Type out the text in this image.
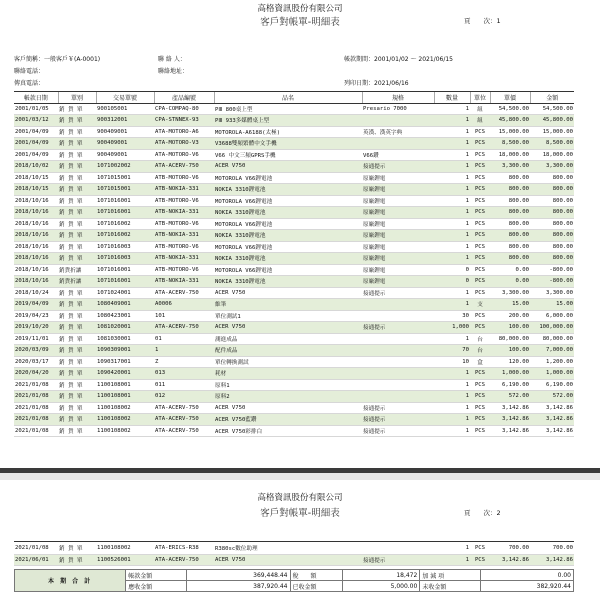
高格資訊股份有限公司
客戶對帳單-明細表	頁　　次：1
客戶簡稱：一般客戶￥(A-0001)	聯 絡 人：	帳款期間：2001/01/02 ～ 2021/06/15
聯絡電話：	聯絡地址：
傳真電話：	列印日期：2021/06/16
帳款日期	單別	交易單號	產品編號	品名	規格	數量	單位	單價	金額
2001/01/05	銷 貨 單	900105001	CPA-COMPAQ-80	PⅢ 800桌上型	Presario 7000	1	組	54,500.00	54,500.00
2001/03/12	銷 貨 單	900312001	CPA-STNNEX-93	PⅢ 933多媒體桌上型		1	組	45,800.00	45,800.00
2001/04/09	銷 貨 單	900409001	ATA-MOTORO-A6	MOTOROLA-A6188(太極)	英漢、漢英字典	1	PCS	15,000.00	15,000.00
2001/04/09	銷 貨 單	900409001	ATA-MOTORO-V3	V3688雙頻繁體中文手機		1	PCS	8,500.00	8,500.00
2001/04/09	銷 貨 單	900409001	ATA-MOTORO-V6	V66 中文三頻GPRS手機	V66鑽	1	PCS	18,000.00	18,000.00
2018/10/02	銷 貨 單	1071002002	ATA-ACERV-750	ACER V750	接通提示	1	PCS	3,300.00	3,300.00
2018/10/15	銷 貨 單	1071015001	ATB-MOTORO-V6	MOTOROLA V66鋰電池	原廠鋰電	1	PCS	800.00	800.00
2018/10/15	銷 貨 單	1071015001	ATB-NOKIA-331	NOKIA 3310鋰電池	原廠鋰電	1	PCS	800.00	800.00
2018/10/16	銷 貨 單	1071016001	ATB-MOTORO-V6	MOTOROLA V66鋰電池	原廠鋰電	1	PCS	800.00	800.00
2018/10/16	銷 貨 單	1071016001	ATB-NOKIA-331	NOKIA 3310鋰電池	原廠鋰電	1	PCS	800.00	800.00
2018/10/16	銷 貨 單	1071016002	ATB-MOTORO-V6	MOTOROLA V66鋰電池	原廠鋰電	1	PCS	800.00	800.00
2018/10/16	銷 貨 單	1071016002	ATB-NOKIA-331	NOKIA 3310鋰電池	原廠鋰電	1	PCS	800.00	800.00
2018/10/16	銷 貨 單	1071016003	ATB-MOTORO-V6	MOTOROLA V66鋰電池	原廠鋰電	1	PCS	800.00	800.00
2018/10/16	銷 貨 單	1071016003	ATB-NOKIA-331	NOKIA 3310鋰電池	原廠鋰電	1	PCS	800.00	800.00
2018/10/16	銷貨折讓	1071016001	ATB-MOTORO-V6	MOTOROLA V66鋰電池	原廠鋰電	0	PCS	0.00	-800.00
2018/10/16	銷貨折讓	1071016001	ATB-NOKIA-331	NOKIA 3310鋰電池	原廠鋰電	0	PCS	0.00	-800.00
2018/10/24	銷 貨 單	1071024001	ATA-ACERV-750	ACER V750	接通提示	1	PCS	3,300.00	3,300.00
2019/04/09	銷 貨 單	1080409001	A0006	維筆		1	支	15.00	15.00
2019/04/23	銷 貨 單	1080423001	101	單位測試1		30	PCS	200.00	6,000.00
2019/10/20	銷 貨 單	1081020001	ATA-ACERV-750	ACER V750	接通提示	1,000	PCS	100.00	100,000.00
2019/11/01	銷 貨 單	1081030001	01	測進成品		1	台	80,000.00	80,000.00
2020/03/09	銷 貨 單	1090309001	1	配件成品		70	台	100.00	7,000.00
2020/03/17	銷 貨 單	1090317001	Z	單位轉換測試		10	盒	120.00	1,200.00
2020/04/20	銷 貨 單	1090420001	013	耗材		1	PCS	1,000.00	1,000.00
2021/01/08	銷 貨 單	1100108001	011	原料1		1	PCS	6,190.00	6,190.00
2021/01/08	銷 貨 單	1100108001	012	原料2		1	PCS	572.00	572.00
2021/01/08	銷 貨 單	1100108002	ATA-ACERV-750	ACER V750	接通提示	1	PCS	3,142.86	3,142.86
2021/01/08	銷 貨 單	1100108002	ATA-ACERV-750	ACER V750藍鑽	接通提示	1	PCS	3,142.86	3,142.86
2021/01/08	銷 貨 單	1100108002	ATA-ACERV-750	ACER V750彩排白	接通提示	1	PCS	3,142.86	3,142.86
高格資訊股份有限公司
客戶對帳單-明細表	頁　　次：2
2021/01/08	銷 貨 單	1100108002	ATA-ERICS-R38	R380sc數位助理		1	PCS	700.00	700.00
2021/06/01	銷 貨 單	1100526001	ATA-ACERV-750	ACER V750	接通提示	1	PCS	3,142.86	3,142.86
本 期 合 計	帳款金額	369,448.44	稅　　額	18,472	加 減 項	0.00
	應收金額	387,920.44	已收金額	5,000.00	未收金額	382,920.44
